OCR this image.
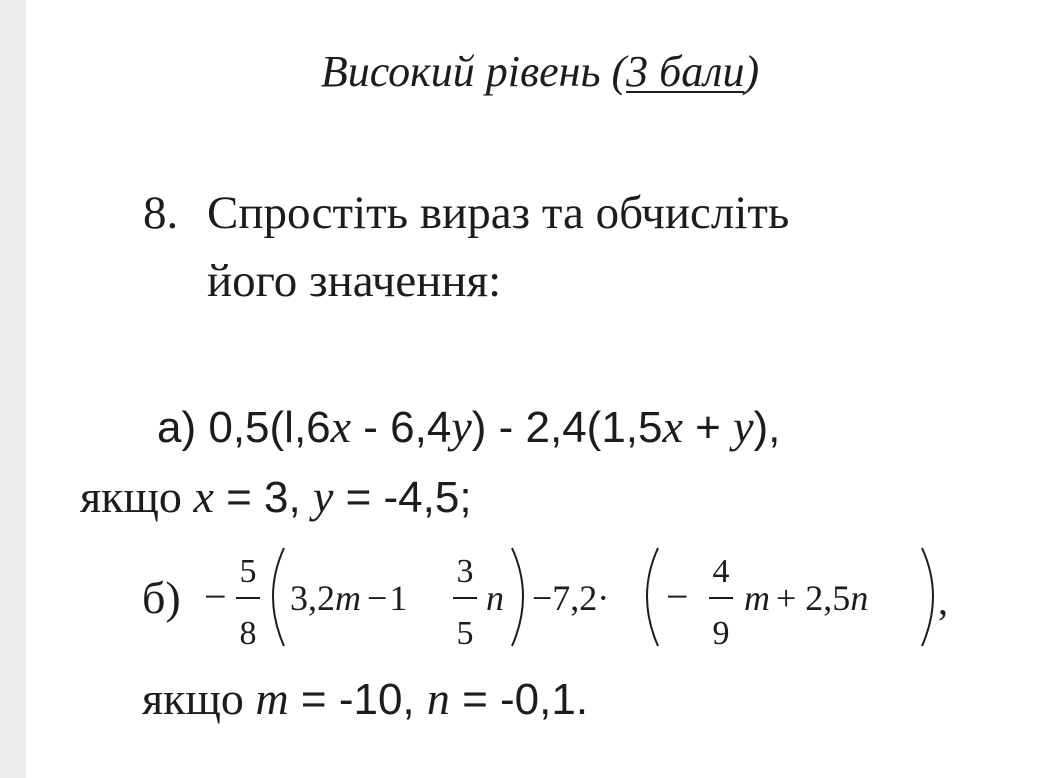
Високий рівень (3 бали)
8. Спростіть вираз та обчисліть
його значення:
а) 0,5(l,6x - 6,4y) - 2,4(1,5x + y),
якщо x = 3, y = -4,5;
б) −
5
8
3,2m −1
3
5
n −7,2· −
4
9
m + 2,5n ,
якщо m = -10, n = -0,1.
